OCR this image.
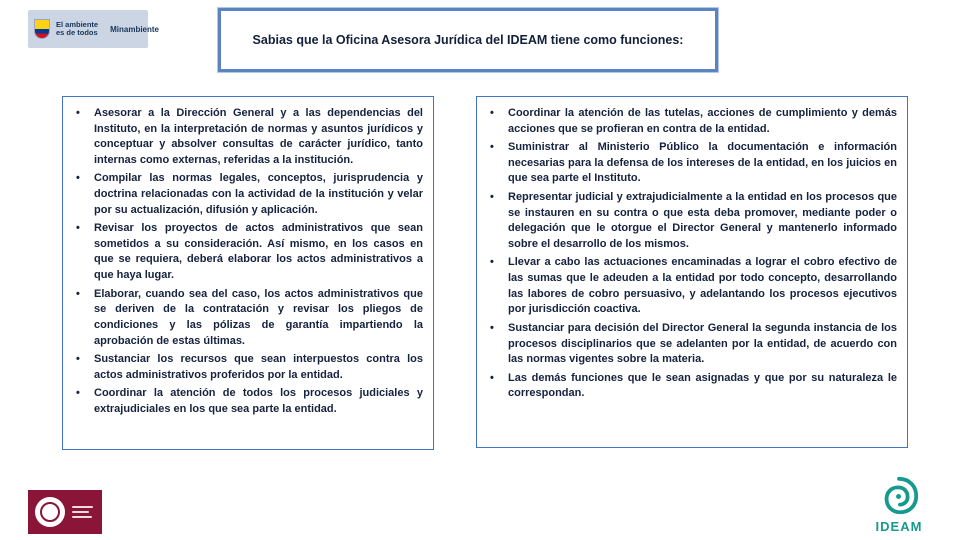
El ambiente
es de todos Minambiente
Sabias que la Oficina Asesora Jurídica del IDEAM tiene como funciones:
• Asesorar a la Dirección General y a las dependencias del Instituto, en la interpretación de normas y asuntos jurídicos y conceptuar y absolver consultas de carácter jurídico, tanto internas como externas, referidas a la institución.
• Compilar las normas legales, conceptos, jurisprudencia y doctrina relacionadas con la actividad de la institución y velar por su actualización, difusión y aplicación.
• Revisar los proyectos de actos administrativos que sean sometidos a su consideración. Así mismo, en los casos en que se requiera, deberá elaborar los actos administrativos a que haya lugar.
• Elaborar, cuando sea del caso, los actos administrativos que se deriven de la contratación y revisar los pliegos de condiciones y las pólizas de garantía impartiendo la aprobación de estas últimas.
• Sustanciar los recursos que sean interpuestos contra los actos administrativos proferidos por la entidad.
• Coordinar la atención de todos los procesos judiciales y extrajudiciales en los que sea parte la entidad.
• Coordinar la atención de las tutelas, acciones de cumplimiento y demás acciones que se profieran en contra de la entidad.
• Suministrar al Ministerio Público la documentación e información necesarias para la defensa de los intereses de la entidad, en los juicios en que sea parte el Instituto.
• Representar judicial y extrajudicialmente a la entidad en los procesos que se instauren en su contra o que esta deba promover, mediante poder o delegación que le otorgue el Director General y mantenerlo informado sobre el desarrollo de los mismos.
• Llevar a cabo las actuaciones encaminadas a lograr el cobro efectivo de las sumas que le adeuden a la entidad por todo concepto, desarrollando las labores de cobro persuasivo, y adelantando los procesos ejecutivos por jurisdicción coactiva.
• Sustanciar para decisión del Director General la segunda instancia de los procesos disciplinarios que se adelanten por la entidad, de acuerdo con las normas vigentes sobre la materia.
• Las demás funciones que le sean asignadas y que por su naturaleza le correspondan.
IDEAM
